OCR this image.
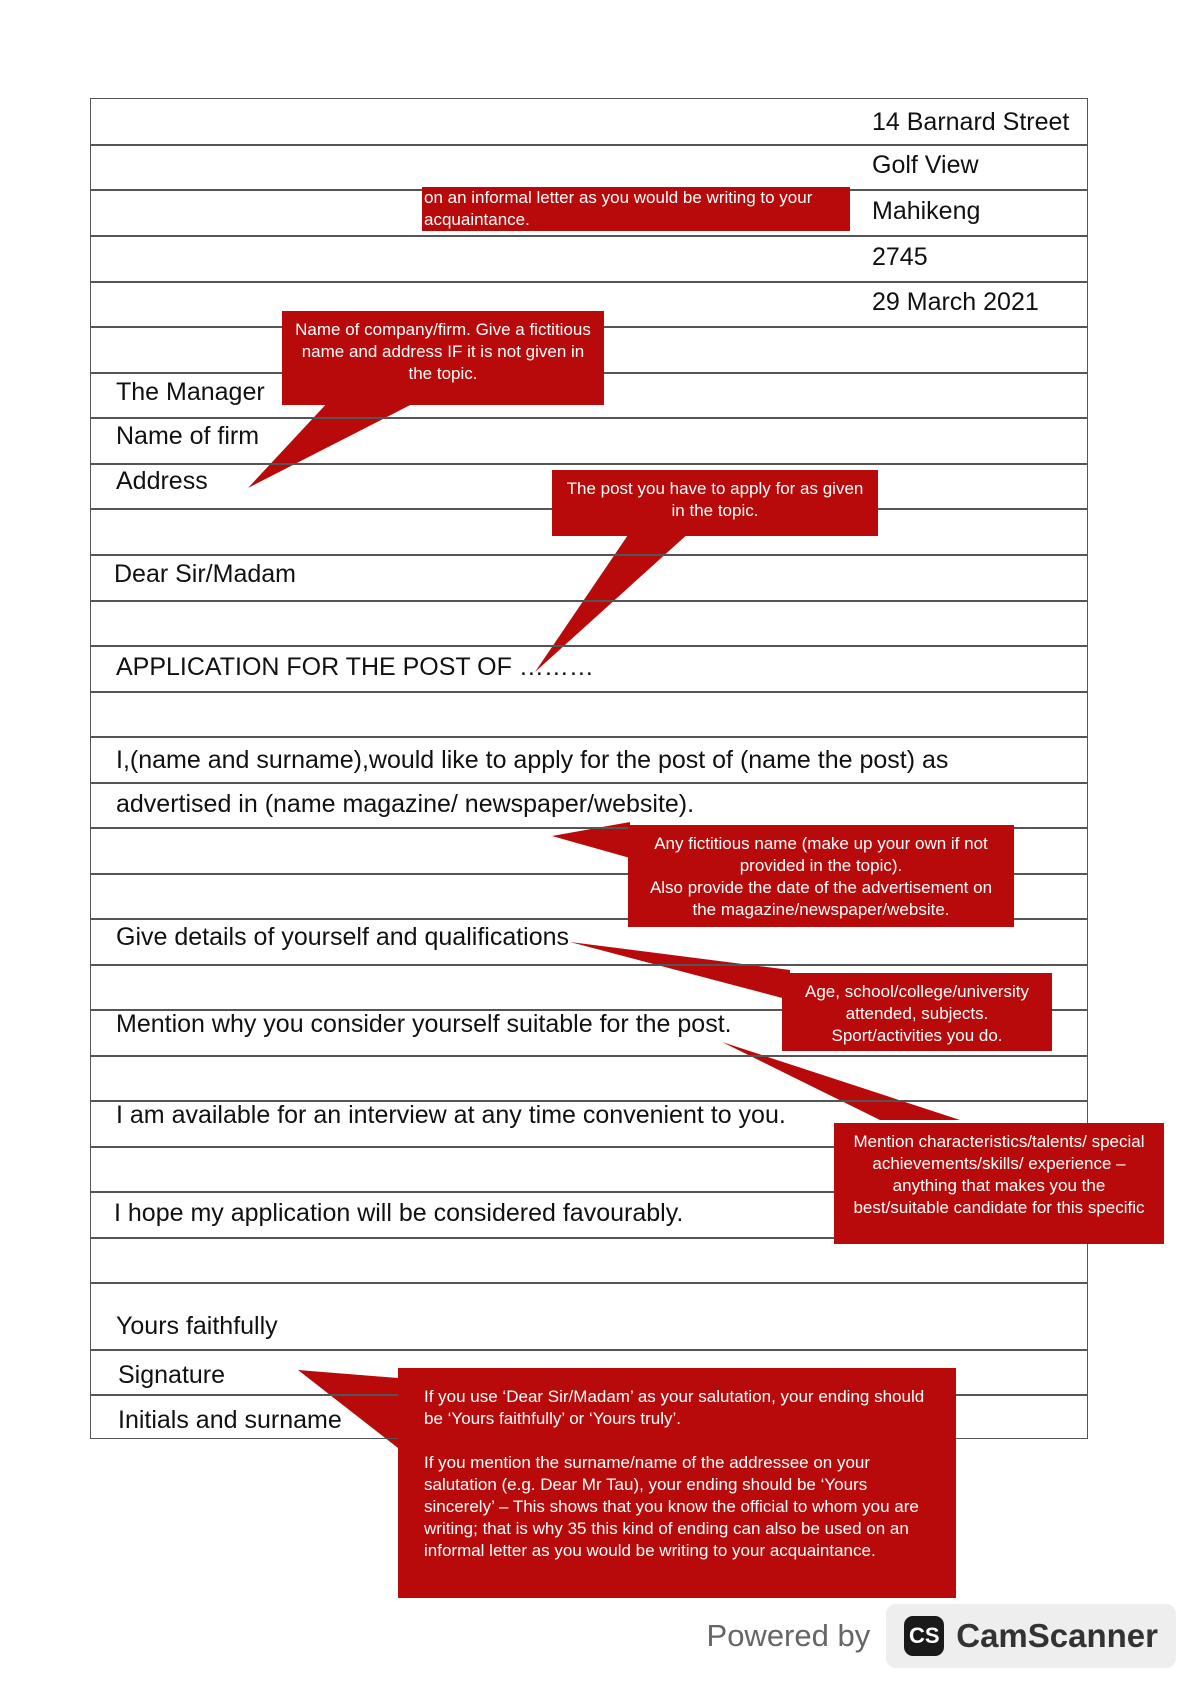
14 Barnard Street
Golf View
Mahikeng
2745
29 March 2021
The Manager
Name of firm
Address
Dear Sir/Madam
APPLICATION FOR THE POST OF ………
I,(name and surname),would like to apply for the post of (name the post) as
advertised in (name magazine/ newspaper/website).
Give details of yourself and qualifications
Mention why you consider yourself suitable for the post.
I am available for an interview at any time convenient to you.
I hope my application will be considered favourably.
Yours faithfully
Signature
Initials and surname
on an informal letter as you would be writing to your
acquaintance.

Name of company/firm. Give a fictitious name and address IF it is not given in the topic.

The post you have to apply for as given in the topic.

Any fictitious name (make up your own if not provided in the topic).

Also provide the date of the advertisement on the magazine/newspaper/website.

Age, school/college/university attended, subjects. Sport/activities you do.

Mention characteristics/talents/ special achievements/skills/ experience – anything that makes you the best/suitable candidate for this specific

If you use ‘Dear Sir/Madam’ as your salutation, your ending should be ‘Yours faithfully’ or ‘Yours truly’.

If you mention the surname/name of the addressee on your salutation (e.g. Dear Mr Tau), your ending should be ‘Yours sincerely’ – This shows that you know the official to whom you are writing; that is why 35 this kind of ending can also be used on an informal letter as you would be writing to your acquaintance.

Powered by CS CamScanner
